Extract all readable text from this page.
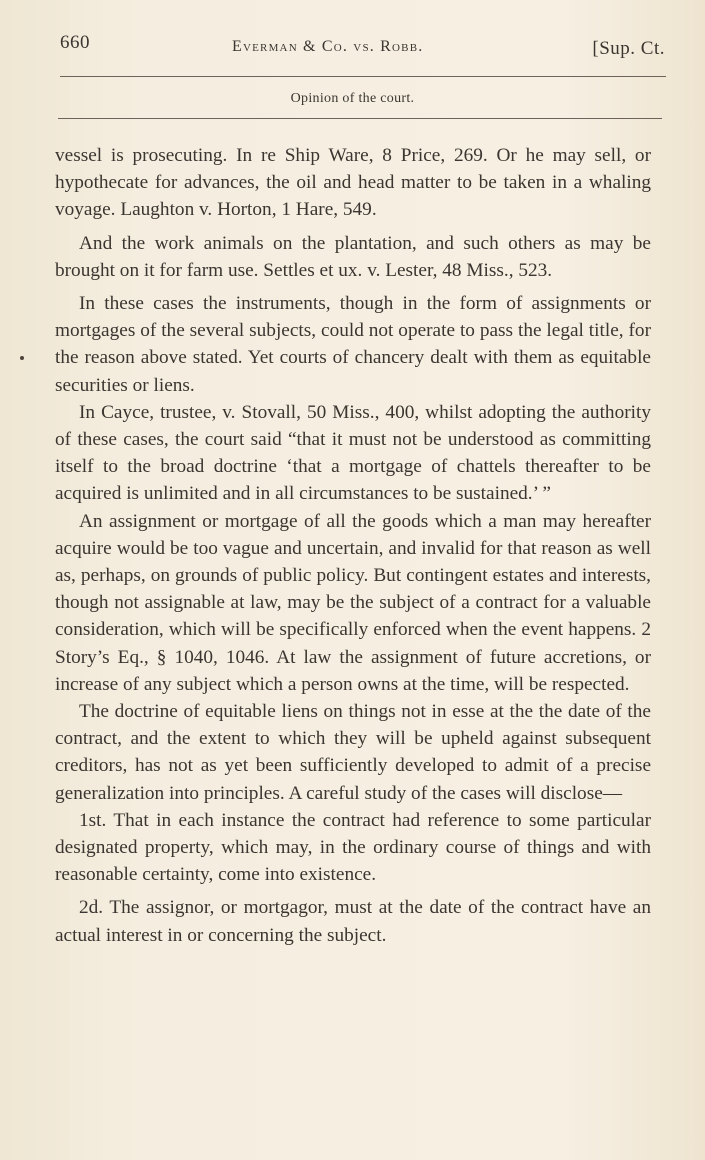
660	Everman & Co. vs. Robb.	[Sup. Ct.
Opinion of the court.

vessel is prosecuting. In re Ship Ware, 8 Price, 269. Or he may sell, or hypothecate for advances, the oil and head matter to be taken in a whaling voyage. Laughton v. Horton, 1 Hare, 549.

And the work animals on the plantation, and such others as may be brought on it for farm use. Settles et ux. v. Lester, 48 Miss., 523.

In these cases the instruments, though in the form of assignments or mortgages of the several subjects, could not operate to pass the legal title, for the reason above stated. Yet courts of chancery dealt with them as equitable securities or liens.

In Cayce, trustee, v. Stovall, 50 Miss., 400, whilst adopting the authority of these cases, the court said “that it must not be understood as committing itself to the broad doctrine ‘that a mortgage of chattels thereafter to be acquired is unlimited and in all circumstances to be sustained.’ ”

An assignment or mortgage of all the goods which a man may hereafter acquire would be too vague and uncertain, and invalid for that reason as well as, perhaps, on grounds of public policy. But contingent estates and interests, though not assignable at law, may be the subject of a contract for a valuable consideration, which will be specifically enforced when the event happens. 2 Story’s Eq., § 1040, 1046. At law the assignment of future accretions, or increase of any subject which a person owns at the time, will be respected.

The doctrine of equitable liens on things not in esse at the the date of the contract, and the extent to which they will be upheld against subsequent creditors, has not as yet been sufficiently developed to admit of a precise generalization into principles. A careful study of the cases will disclose—

1st. That in each instance the contract had reference to some particular designated property, which may, in the ordinary course of things and with reasonable certainty, come into existence.

2d. The assignor, or mortgagor, must at the date of the contract have an actual interest in or concerning the subject.
